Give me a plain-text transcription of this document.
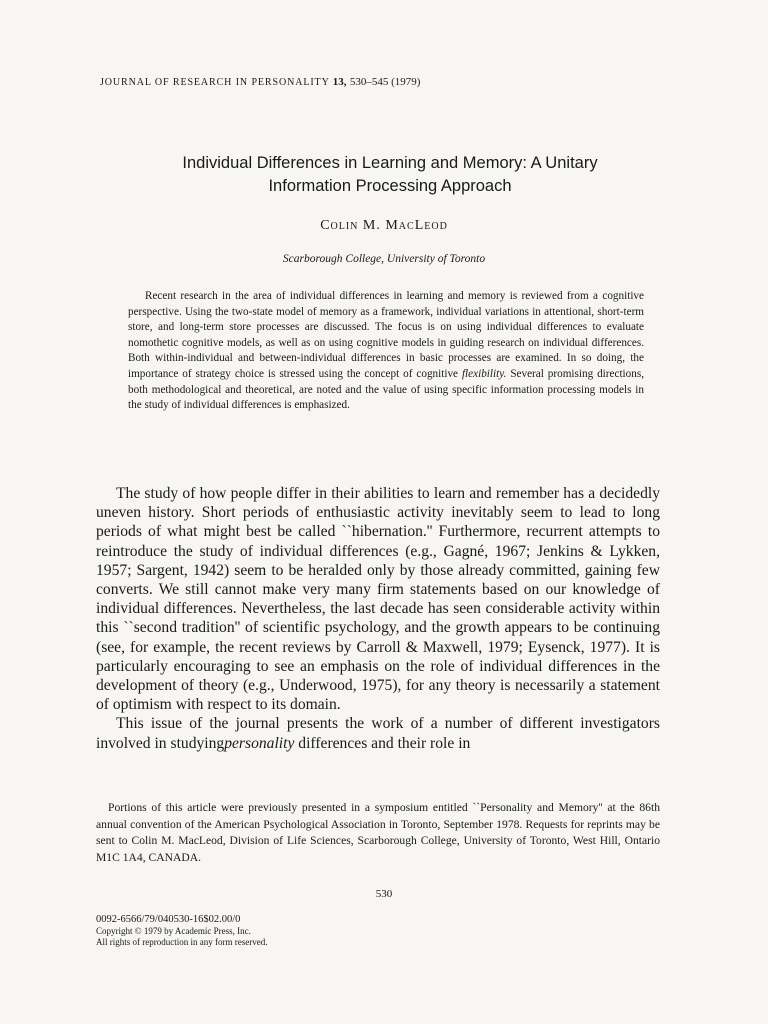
JOURNAL OF RESEARCH IN PERSONALITY 13, 530–545 (1979)
Individual Differences in Learning and Memory: A Unitary
Information Processing Approach
Colin M. MacLeod
Scarborough College, University of Toronto

Recent research in the area of individual differences in learning and memory is reviewed from a cognitive perspective. Using the two-state model of memory as a framework, individual variations in attentional, short-term store, and long-term store processes are discussed. The focus is on using individual differences to evaluate nomothetic cognitive models, as well as on using cognitive models in guiding research on individual differences. Both within-individual and between-individual differences in basic processes are examined. In so doing, the importance of strategy choice is stressed using the concept of cognitive flexibility. Several promising directions, both methodological and theoretical, are noted and the value of using specific information processing models in the study of individual differences is emphasized.

The study of how people differ in their abilities to learn and remember has a decidedly uneven history. Short periods of enthusiastic activity inevitably seem to lead to long periods of what might best be called ``hibernation.'' Furthermore, recurrent attempts to reintroduce the study of individual differences (e.g., Gagné, 1967; Jenkins & Lykken, 1957; Sargent, 1942) seem to be heralded only by those already committed, gaining few converts. We still cannot make very many firm statements based on our knowledge of individual differences. Nevertheless, the last decade has seen considerable activity within this ``second tradition'' of scientific psychology, and the growth appears to be continuing (see, for example, the recent reviews by Carroll & Maxwell, 1979; Eysenck, 1977). It is particularly encouraging to see an emphasis on the role of individual differences in the development of theory (e.g., Underwood, 1975), for any theory is necessarily a statement of optimism with respect to its domain.

This issue of the journal presents the work of a number of different investigators involved in studyingpersonality differences and their role in

Portions of this article were previously presented in a symposium entitled ``Personality and Memory'' at the 86th annual convention of the American Psychological Association in Toronto, September 1978. Requests for reprints may be sent to Colin M. MacLeod, Division of Life Sciences, Scarborough College, University of Toronto, West Hill, Ontario M1C 1A4, CANADA.

530
0092-6566/79/040530-16$02.00/0
Copyright © 1979 by Academic Press, Inc.
All rights of reproduction in any form reserved.
